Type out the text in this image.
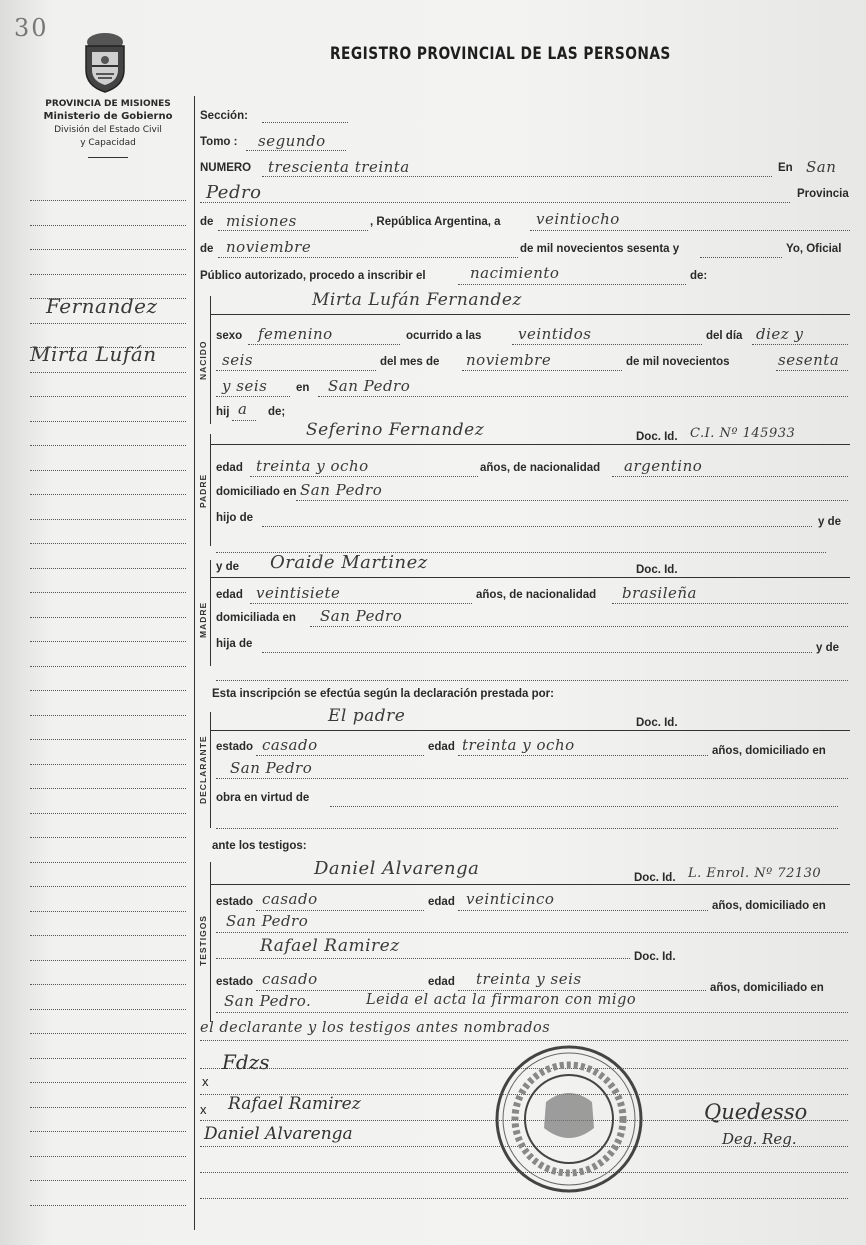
30
PROVINCIA DE MISIONES
Ministerio de Gobierno
División del Estado Civil
y Capacidad
REGISTRO PROVINCIAL DE LAS PERSONAS
Fernandez
Mirta Lufán
Sección:
Tomo : segundo
NUMERO trescienta treinta	En San
Pedro	Provincia
de misiones	, República Argentina, a veintiocho
de noviembre	de mil novecientos sesenta y	Yo, Oficial
Público autorizado, procedo a inscribir el	nacimiento	de:
NACIDO
Mirta Lufán Fernandez
sexo femenino	ocurrido a las veintidos	del día diez y
seis	del mes de noviembre	de mil novecientos	sesenta
y seis en San Pedro
hij a de;
PADRE
Seferino Fernandez	Doc. Id. C.I. Nº 145933
edad treinta y ocho	años, de nacionalidad argentino
domiciliado en San Pedro
hijo de	y de
MADRE
y de Oraide Martinez	Doc. Id.
edad veintisiete	años, de nacionalidad brasileña
domiciliada en San Pedro
hija de	y de
Esta inscripción se efectúa según la declaración prestada por:
DECLARANTE
El padre	Doc. Id.
estado casado	edad treinta y ocho	años, domiciliado en
San Pedro
obra en virtud de
ante los testigos:
TESTIGOS
Daniel Alvarenga	Doc. Id. L. Enrol. Nº 72130
estado casado	edad veinticinco	años, domiciliado en
San Pedro
Rafael Ramirez
Doc. Id.
estado casado	edad treinta y seis	años, domiciliado en
San Pedro.	Leida el acta la firmaron con migo
el declarante y los testigos antes nombrados
x
Fdzs
x Rafael Ramirez
Daniel Alvarenga
Quedesso
Deg. Reg.
